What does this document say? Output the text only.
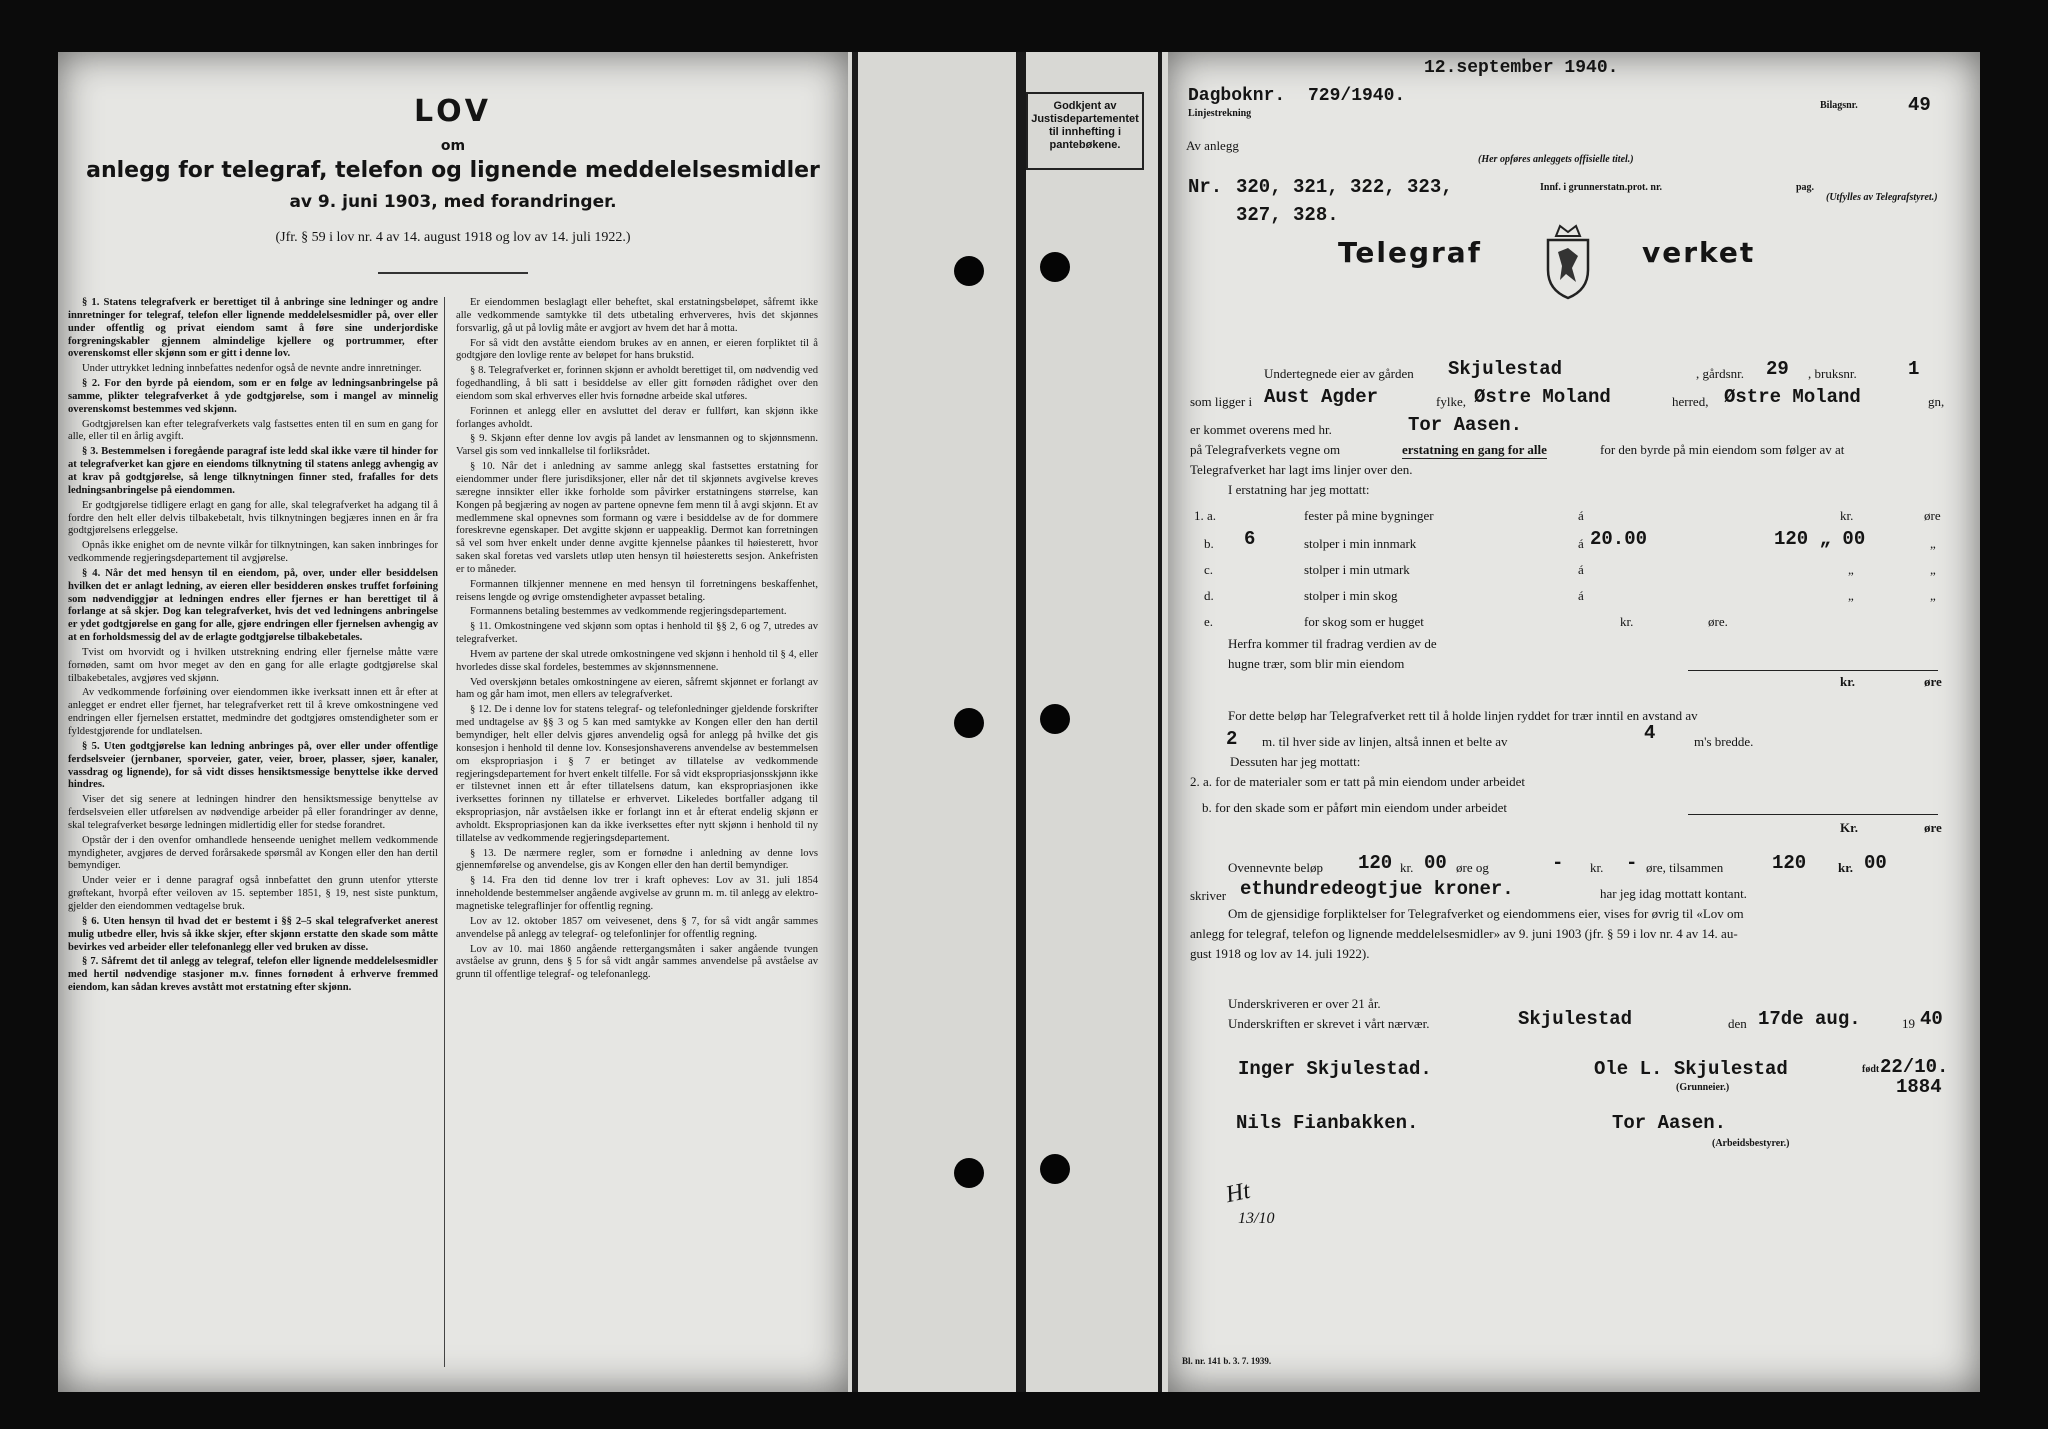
LOV
om
anlegg for telegraf, telefon og lignende meddelelsesmidler
av 9. juni 1903, med forandringer.
(Jfr. § 59 i lov nr. 4 av 14. august 1918 og lov av 14. juli 1922.)

§ 1. Statens telegrafverk er berettiget til å anbringe sine ledninger og andre innretninger for telegraf, telefon eller lignende meddelelsesmidler på, over eller under offentlig og privat eiendom samt å føre sine underjordiske forgreningskabler gjennem almindelige kjellere og portrummer, efter overenskomst eller skjønn som er gitt i denne lov.

Under uttrykket ledning innbefattes nedenfor også de nevnte andre innretninger.

§ 2. For den byrde på eiendom, som er en følge av ledningsanbringelse på samme, plikter telegrafverket å yde godtgjørelse, som i mangel av minnelig overenskomst bestemmes ved skjønn.

Godtgjørelsen kan efter telegrafverkets valg fastsettes enten til en sum en gang for alle, eller til en årlig avgift.

§ 3. Bestemmelsen i foregående paragraf iste ledd skal ikke være til hinder for at telegrafverket kan gjøre en eiendoms tilknytning til statens anlegg avhengig av at krav på godtgjørelse, så lenge tilknytningen finner sted, frafalles for dets ledningsanbringelse på eiendommen.

Er godtgjørelse tidligere erlagt en gang for alle, skal telegrafverket ha adgang til å fordre den helt eller delvis tilbakebetalt, hvis tilknytningen begjæres innen en år fra godtgjørelsens erleggelse.

Opnås ikke enighet om de nevnte vilkår for tilknytningen, kan saken innbringes for vedkommende regjeringsdepartement til avgjørelse.

§ 4. Når det med hensyn til en eiendom, på, over, under eller besiddelsen hvilken det er anlagt ledning, av eieren eller besidderen ønskes truffet forføining som nødvendiggjør at ledningen endres eller fjernes er han berettiget til å forlange at så skjer. Dog kan telegrafverket, hvis det ved ledningens anbringelse er ydet godtgjørelse en gang for alle, gjøre endringen eller fjernelsen avhengig av at en forholdsmessig del av de erlagte godtgjørelse tilbakebetales.

Tvist om hvorvidt og i hvilken utstrekning endring eller fjernelse måtte være fornøden, samt om hvor meget av den en gang for alle erlagte godtgjørelse skal tilbakebetales, avgjøres ved skjønn.

Av vedkommende forføining over eiendommen ikke iverksatt innen ett år efter at anlegget er endret eller fjernet, har telegrafverket rett til å kreve omkostningene ved endringen eller fjernelsen erstattet, medmindre det godtgjøres omstendigheter som er fyldestgjørende for undlatelsen.

§ 5. Uten godtgjørelse kan ledning anbringes på, over eller under offentlige ferdselsveier (jernbaner, sporveier, gater, veier, broer, plasser, sjøer, kanaler, vassdrag og lignende), for så vidt disses hensiktsmessige benyttelse ikke derved hindres.

Viser det sig senere at ledningen hindrer den hensiktsmessige benyttelse av ferdselsveien eller utførelsen av nødvendige arbeider på eller forandringer av denne, skal telegrafverket besørge ledningen midlertidig eller for stedse forandret.

Opstår der i den ovenfor omhandlede henseende uenighet mellem vedkommende myndigheter, avgjøres de derved forårsakede spørsmål av Kongen eller den han dertil bemyndiger.

Under veier er i denne paragraf også innbefattet den grunn utenfor ytterste grøftekant, hvorpå efter veiloven av 15. september 1851, § 19, nest siste punktum, gjelder den eiendommen vedtagelse bruk.

§ 6. Uten hensyn til hvad det er bestemt i §§ 2–5 skal telegrafverket anerest mulig utbedre eller, hvis så ikke skjer, efter skjønn erstatte den skade som måtte bevirkes ved arbeider eller telefonanlegg eller ved bruken av disse.

§ 7. Såfremt det til anlegg av telegraf, telefon eller lignende meddelelsesmidler med hertil nødvendige stasjoner m.v. finnes fornødent å erhverve fremmed eiendom, kan sådan kreves avstått mot erstatning efter skjønn.

Er eiendommen beslaglagt eller beheftet, skal erstatningsbeløpet, såfremt ikke alle vedkommende samtykke til dets utbetaling erhververes, hvis det skjønnes forsvarlig, gå ut på lovlig måte er avgjort av hvem det har å motta.

For så vidt den avståtte eiendom brukes av en annen, er eieren forpliktet til å godtgjøre den lovlige rente av beløpet for hans brukstid.

§ 8. Telegrafverket er, forinnen skjønn er avholdt berettiget til, om nødvendig ved fogedhandling, å bli satt i besiddelse av eller gitt fornøden rådighet over den eiendom som skal erhverves eller hvis fornødne arbeide skal utføres.

Forinnen et anlegg eller en avsluttet del derav er fullført, kan skjønn ikke forlanges avholdt.

§ 9. Skjønn efter denne lov avgis på landet av lensmannen og to skjønnsmenn. Varsel gis som ved innkallelse til forliksrådet.

§ 10. Når det i anledning av samme anlegg skal fastsettes erstatning for eiendommer under flere jurisdiksjoner, eller når det til skjønnets avgivelse kreves særegne innsikter eller ikke forholde som påvirker erstatningens størrelse, kan Kongen på begjæring av nogen av partene opnevne fem menn til å avgi skjønn. Et av medlemmene skal opnevnes som formann og være i besiddelse av de for dommere foreskrevne egenskaper. Det avgitte skjønn er uappeaklig. Dermot kan forretningen så vel som hver enkelt under denne avgitte kjennelse påankes til høiesterett, hvor saken skal foretas ved varslets utløp uten hensyn til høiesteretts sesjon. Ankefristen er to måneder.

Formannen tilkjenner mennene en med hensyn til forretningens beskaffenhet, reisens lengde og øvrige omstendigheter avpasset betaling.

Formannens betaling bestemmes av vedkommende regjeringsdepartement.

§ 11. Omkostningene ved skjønn som optas i henhold til §§ 2, 6 og 7, utredes av telegrafverket.

Hvem av partene der skal utrede omkostningene ved skjønn i henhold til § 4, eller hvorledes disse skal fordeles, bestemmes av skjønnsmennene.

Ved overskjønn betales omkostningene av eieren, såfremt skjønnet er forlangt av ham og går ham imot, men ellers av telegrafverket.

§ 12. De i denne lov for statens telegraf- og telefonledninger gjeldende forskrifter med undtagelse av §§ 3 og 5 kan med samtykke av Kongen eller den han dertil bemyndiger, helt eller delvis gjøres anvendelig også for anlegg på hvilke det gis konsesjon i henhold til denne lov. Konsesjonshaverens anvendelse av bestemmelsen om ekspropriasjon i § 7 er betinget av tillatelse av vedkommende regjeringsdepartement for hvert enkelt tilfelle. For så vidt ekspropriasjonsskjønn ikke er tilstevnet innen ett år efter tillatelsens datum, kan ekspropriasjonen ikke iverksettes forinnen ny tillatelse er erhvervet. Likeledes bortfaller adgang til ekspropriasjon, når avståelsen ikke er forlangt inn et år efterat endelig skjønn er avholdt. Ekspropriasjonen kan da ikke iverksettes efter nytt skjønn i henhold til ny tillatelse av vedkommende regjeringsdepartement.

§ 13. De nærmere regler, som er fornødne i anledning av denne lovs gjennemførelse og anvendelse, gis av Kongen eller den han dertil bemyndiger.

§ 14. Fra den tid denne lov trer i kraft opheves: Lov av 31. juli 1854 inneholdende bestemmelser angående avgivelse av grunn m. m. til anlegg av elektro-magnetiske telegraflinjer for offentlig regning.

Lov av 12. oktober 1857 om veivesenet, dens § 7, for så vidt angår sammes anvendelse på anlegg av telegraf- og telefonlinjer for offentlig regning.

Lov av 10. mai 1860 angående rettergangsmåten i saker angående tvungen avståelse av grunn, dens § 5 for så vidt angår sammes anvendelse på avståelse av grunn til offentlige telegraf- og telefonanlegg.

Godkjent av
Justisdepartementet
til innhefting i
pantebøkene.
12.september 1940.
Dagboknr. 729/1940.
Linjestrekning
Bilagsnr.	49
Av anlegg
(Her opføres anleggets offisielle titel.)
Nr. 320, 321, 322, 323,
327, 328.
Innf. i grunnerstatn.prot. nr.	pag.
(Utfylles av Telegrafstyret.)
Telegraf	verket
Undertegnede eier av gården Skjulestad	, gårdsnr. 29 , bruksnr.	1
som ligger i Aust Agder	fylke, Østre Moland	herred, Østre Moland	gn,
er kommet overens med hr.	Tor Aasen.
på Telegrafverkets vegne om	erstatning en gang for alle	for den byrde på min eiendom som følger av at
Telegrafverket har lagt ims linjer over den.
I erstatning har jeg mottatt:
1. a.	fester på mine bygninger	á	kr.	øre
b. 6	stolper i min innmark	á 20.00	120 „ 00	„
c.	stolper i min utmark	á	„	„
d.	stolper i min skog	á	„	„
e.	for skog som er hugget	kr.	øre.
Herfra kommer til fradrag verdien av de
hugne trær, som blir min eiendom
kr.	øre
For dette beløp har Telegrafverket rett til å holde linjen ryddet for trær inntil en avstand av
2 m. til hver side av linjen, altså innen et belte av	4	m's bredde.
Dessuten har jeg mottatt:
2. a. for de materialer som er tatt på min eiendom under arbeidet
b. for den skade som er påført min eiendom under arbeidet
Kr.	øre
Ovennevnte beløp 120 kr. 00 øre og	- kr. - øre, tilsammen	120 kr. 00
skriver ethundredeogtjue kroner.	har jeg idag mottatt kontant.
Om de gjensidige forpliktelser for Telegrafverket og eiendommens eier, vises for øvrig til «Lov om
anlegg for telegraf, telefon og lignende meddelelsesmidler» av 9. juni 1903 (jfr. § 59 i lov nr. 4 av 14. au-
gust 1918 og lov av 14. juli 1922).
Underskriveren er over 21 år.
Underskriften er skrevet i vårt nærvær.	Skjulestad	den 17de aug.	19 40
Inger Skjulestad.	Ole L. Skjulestad
(Grunneier.)
født 22/10.
1884
Nils Fianbakken.	Tor Aasen.
(Arbeidsbestyrer.)
Ht
13/10
Bl. nr. 141 b. 3. 7. 1939.
